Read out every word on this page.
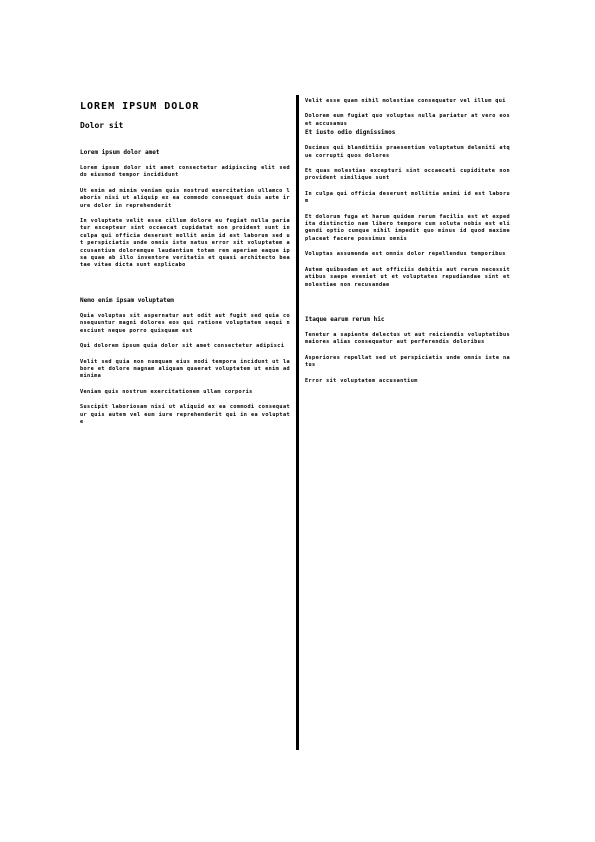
LOREM IPSUM DOLOR
Dolor sit
Lorem ipsum dolor amet

Lorem ipsum dolor sit amet consectetur adipiscing elit sed do eiusmod tempor incididunt

Ut enim ad minim veniam quis nostrud exercitation ullamco laboris nisi ut aliquip ex ea commodo consequat duis aute irure dolor in reprehenderit

In voluptate velit esse cillum dolore eu fugiat nulla pariatur excepteur sint occaecat cupidatat non proident sunt in culpa qui officia deserunt mollit anim id est laborum sed ut perspiciatis unde omnis iste natus error sit voluptatem accusantium doloremque laudantium totam rem aperiam eaque ipsa quae ab illo inventore veritatis et quasi architecto beatae vitae dicta sunt explicabo

Nemo enim ipsam voluptatem

Quia voluptas sit aspernatur aut odit aut fugit sed quia consequuntur magni dolores eos qui ratione voluptatem sequi nesciunt neque porro quisquam est

Qui dolorem ipsum quia dolor sit amet consectetur adipisci

Velit sed quia non numquam eius modi tempora incidunt ut labore et dolore magnam aliquam quaerat voluptatem ut enim ad minima

Veniam quis nostrum exercitationem ullam corporis

Suscipit laboriosam nisi ut aliquid ex ea commodi consequatur quis autem vel eum iure reprehenderit qui in ea voluptate

Velit esse quam nihil molestiae consequatur vel illum qui

Dolorem eum fugiat quo voluptas nulla pariatur at vero eos et accusamus

Et iusto odio dignissimos

Ducimus qui blanditiis praesentium voluptatum deleniti atque corrupti quos dolores

Et quas molestias excepturi sint occaecati cupiditate non provident similique sunt

In culpa qui officia deserunt mollitia animi id est laborum

Et dolorum fuga et harum quidem rerum facilis est et expedita distinctio nam libero tempore cum soluta nobis est eligendi optio cumque nihil impedit quo minus id quod maxime placeat facere possimus omnis

Voluptas assumenda est omnis dolor repellendus temporibus

Autem quibusdam et aut officiis debitis aut rerum necessitatibus saepe eveniet ut et voluptates repudiandae sint et molestiae non recusandae

Itaque earum rerum hic

Tenetur a sapiente delectus ut aut reiciendis voluptatibus maiores alias consequatur aut perferendis doloribus

Asperiores repellat sed ut perspiciatis unde omnis iste natus

Error sit voluptatem accusantium
